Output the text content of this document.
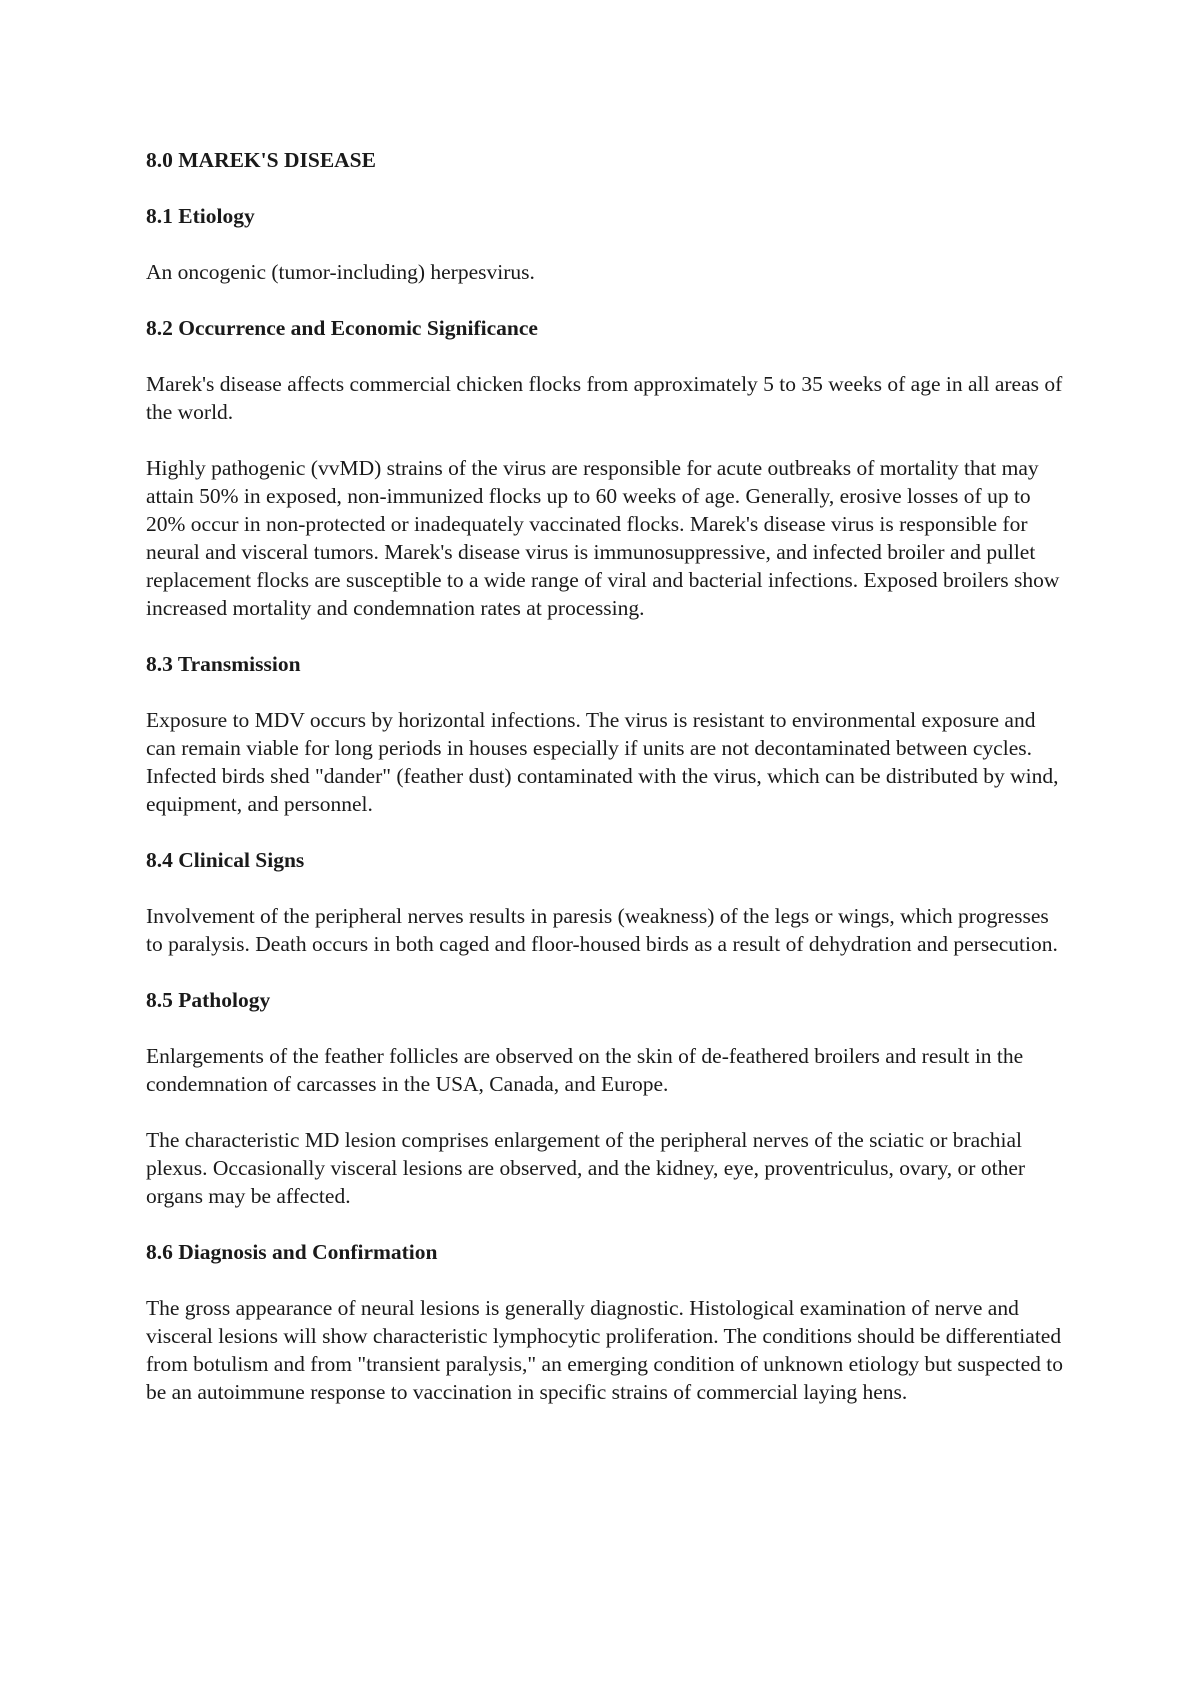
8.0 MAREK'S DISEASE
8.1 Etiology

An oncogenic (tumor-including) herpesvirus.

8.2 Occurrence and Economic Significance

Marek's disease affects commercial chicken flocks from approximately 5 to 35 weeks of age in all areas of the world.

Highly pathogenic (vvMD) strains of the virus are responsible for acute outbreaks of mortality that may attain 50% in exposed, non-immunized flocks up to 60 weeks of age. Generally, erosive losses of up to 20% occur in non-protected or inadequately vaccinated flocks. Marek's disease virus is responsible for neural and visceral tumors. Marek's disease virus is immunosuppressive, and infected broiler and pullet replacement flocks are susceptible to a wide range of viral and bacterial infections. Exposed broilers show increased mortality and condemnation rates at processing.

8.3 Transmission

Exposure to MDV occurs by horizontal infections. The virus is resistant to environmental exposure and can remain viable for long periods in houses especially if units are not decontaminated between cycles. Infected birds shed "dander" (feather dust) contaminated with the virus, which can be distributed by wind, equipment, and personnel.

8.4 Clinical Signs

Involvement of the peripheral nerves results in paresis (weakness) of the legs or wings, which progresses to paralysis. Death occurs in both caged and floor-housed birds as a result of dehydration and persecution.

8.5 Pathology

Enlargements of the feather follicles are observed on the skin of de-feathered broilers and result in the condemnation of carcasses in the USA, Canada, and Europe.

The characteristic MD lesion comprises enlargement of the peripheral nerves of the sciatic or brachial plexus. Occasionally visceral lesions are observed, and the kidney, eye, proventriculus, ovary, or other organs may be affected.

8.6 Diagnosis and Confirmation

The gross appearance of neural lesions is generally diagnostic. Histological examination of nerve and visceral lesions will show characteristic lymphocytic proliferation. The conditions should be differentiated from botulism and from "transient paralysis," an emerging condition of unknown etiology but suspected to be an autoimmune response to vaccination in specific strains of commercial laying hens.
